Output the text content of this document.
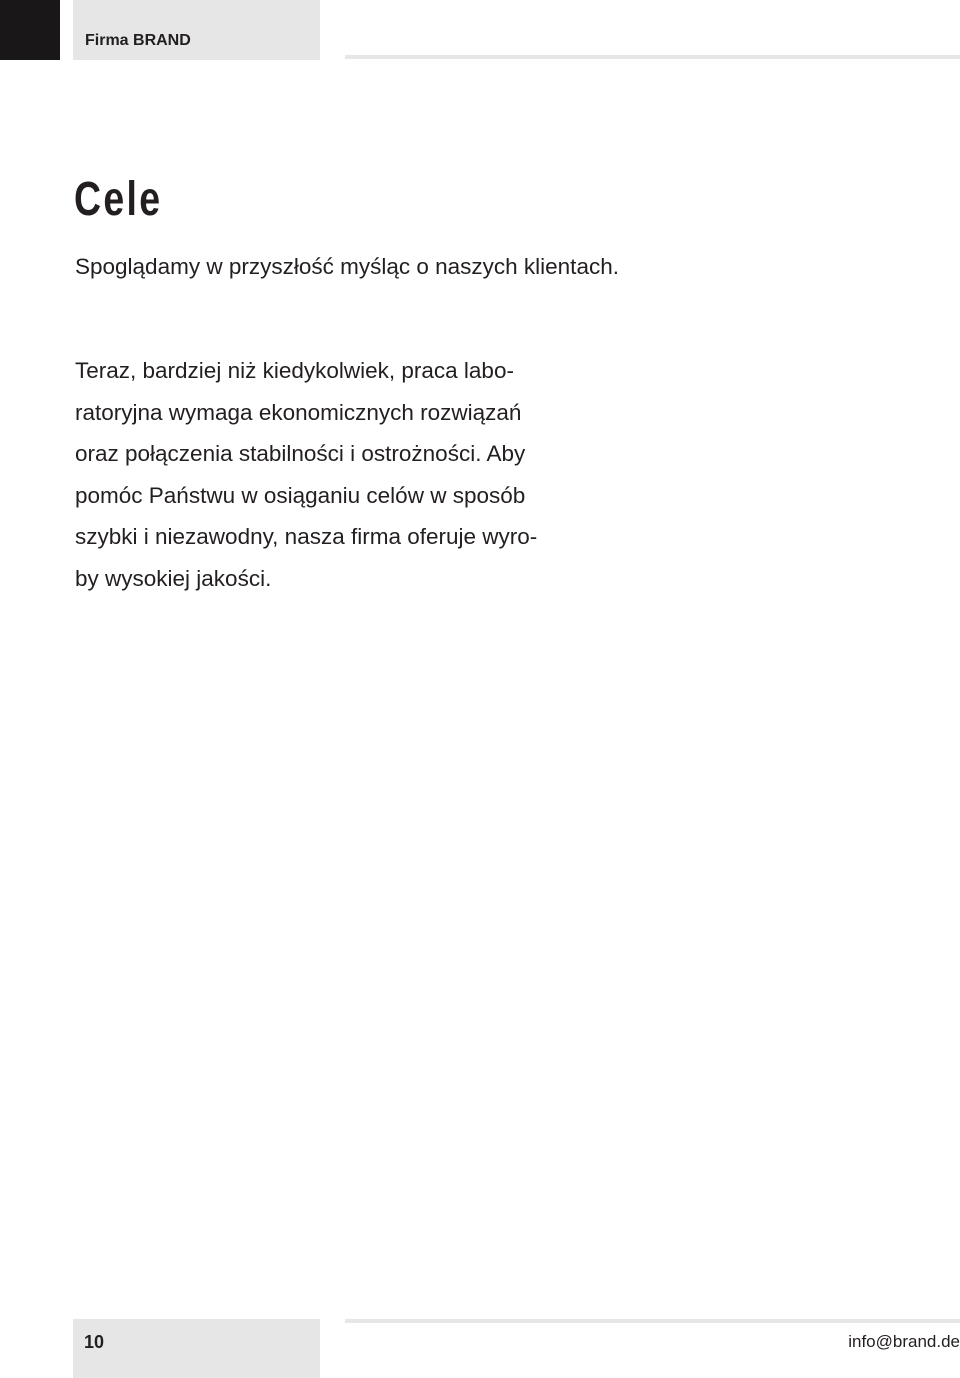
Firma BRAND
Cele

Spoglądamy w przyszłość myśląc o naszych klientach.

Teraz, bardziej niż kiedykolwiek, praca labo-
ratoryjna wymaga ekonomicznych rozwiązań
oraz połączenia stabilności i ostrożności. Aby
pomóc Państwu w osiąganiu celów w sposób
szybki i niezawodny, nasza firma oferuje wyro-
by wysokiej jakości.

10	info@brand.de
